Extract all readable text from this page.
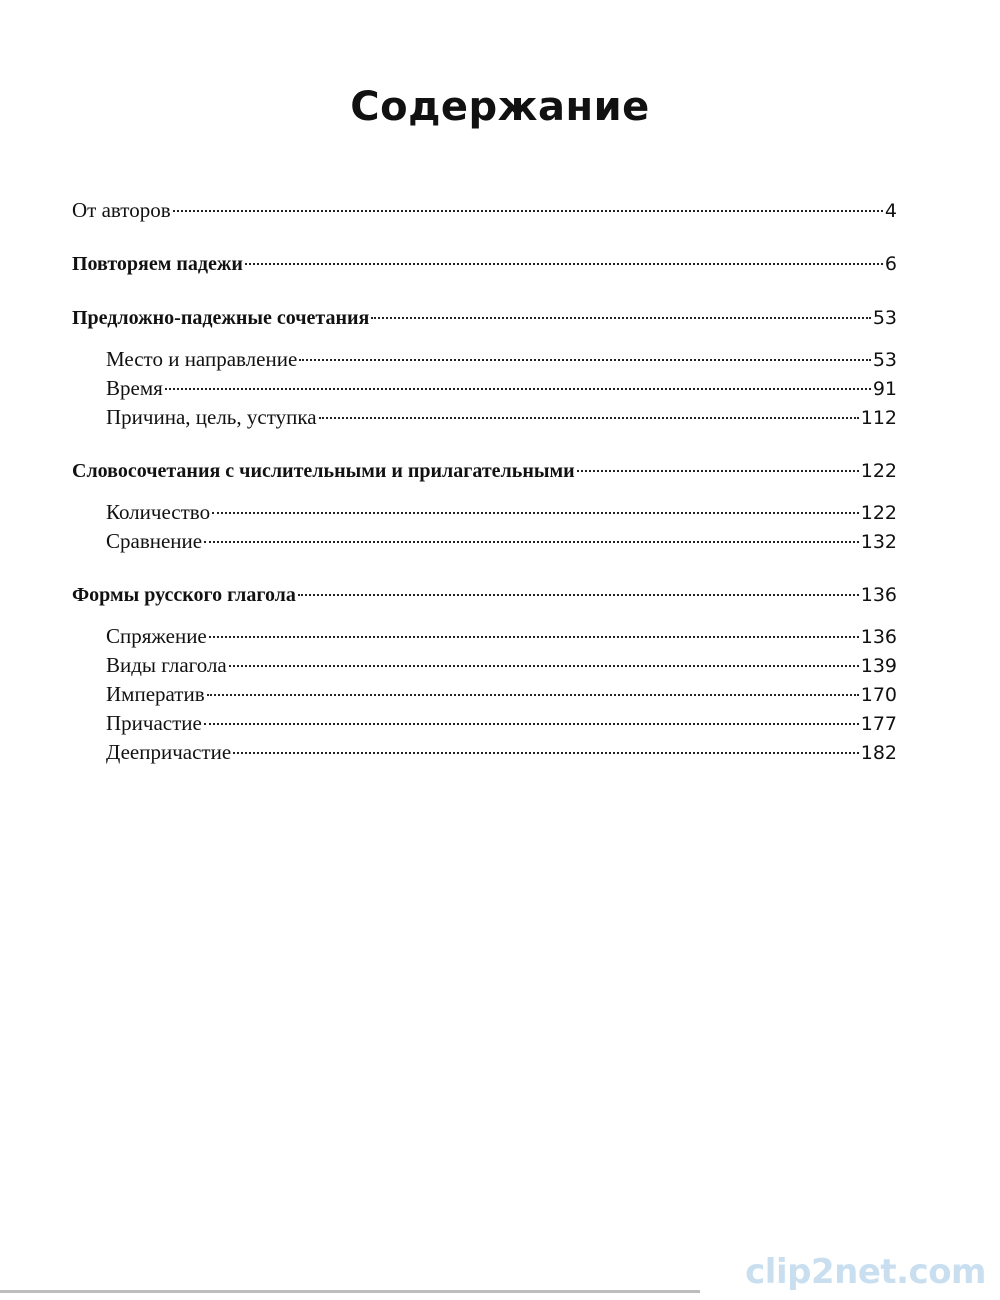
Содержание
От авторов	4
Повторяем падежи	6
Предложно-падежные сочетания	53
Место и направление	53
Время	91
Причина, цель, уступка	112
Словосочетания с числительными и прилагательными	122
Количество	122
Сравнение	132
Формы русского глагола	136
Спряжение	136
Виды глагола	139
Императив	170
Причастие	177
Деепричастие	182
clip2net.com
